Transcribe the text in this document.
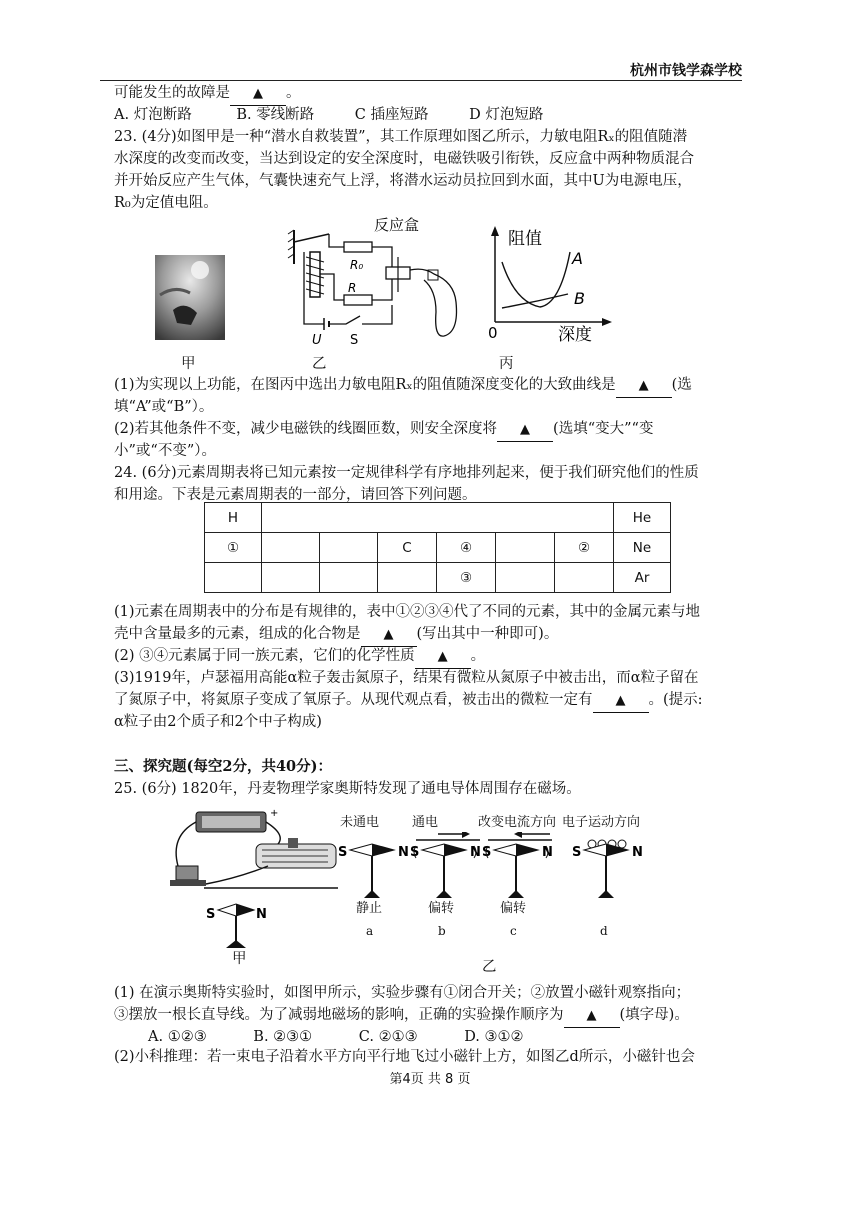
杭州市钱学森学校
可能发生的故障是 ▲ 。
A. 灯泡断路	B. 零线断路	C 插座短路	D 灯泡短路
23. (4分)如图甲是一种“潜水自救装置”，其工作原理如图乙所示，力敏电阻Rₓ的阻值随潜
水深度的改变而改变，当达到设定的安全深度时，电磁铁吸引衔铁，反应盒中两种物质混合
并开始反应产生气体，气囊快速充气上浮，将潜水运动员拉回到水面，其中U为电源电压，
R₀为定值电阻。
甲
反应盒
R₀
R
U S
乙
阻值
深度
0
A
B
丙
(1)为实现以上功能，在图丙中选出力敏电阻Rₓ的阻值随深度变化的大致曲线是 ▲ (选
填“A”或“B”）。
(2)若其他条件不变，减少电磁铁的线圈匝数，则安全深度将 ▲ (选填“变大”“变
小”或“不变”）。
24. (6分)元素周期表将已知元素按一定规律科学有序地排列起来，便于我们研究他们的性质
和用途。下表是元素周期表的一部分，请回答下列问题。
H							He
①			C	④		②	Ne
				③			Ar
(1)元素在周期表中的分布是有规律的，表中①②③④代了不同的元素，其中的金属元素与地
壳中含量最多的元素，组成的化合物是 ▲ (写出其中一种即可)。
(2) ③④元素属于同一族元素，它们的化学性质 ▲ 。
(3)1919年，卢瑟福用高能α粒子轰击氮原子，结果有微粒从氮原子中被击出，而α粒子留在
了氮原子中，将氮原子变成了氧原子。从现代观点看，被击出的微粒一定有 ▲ 。(提示:
α粒子由2个质子和2个中子构成)
三、探究题(每空2分，共40分)：
25. (6分) 1820年，丹麦物理学家奥斯特发现了通电导体周围存在磁场。
+
S	N
甲
未通电
S	N
静止
a
通电
S	N
偏转
b
改变电流方向
S	N
偏转
c
电子运动方向
S	N
d
乙
(1) 在演示奥斯特实验时，如图甲所示，实验步骤有①闭合开关；②放置小磁针观察指向；
③摆放一根长直导线。为了减弱地磁场的影响，正确的实验操作顺序为 ▲ (填字母)。
A. ①②③	B. ②③①	C. ②①③	D. ③①②
(2)小科推理：若一束电子沿着水平方向平行地飞过小磁针上方，如图乙d所示，小磁针也会
第4页 共 8 页
